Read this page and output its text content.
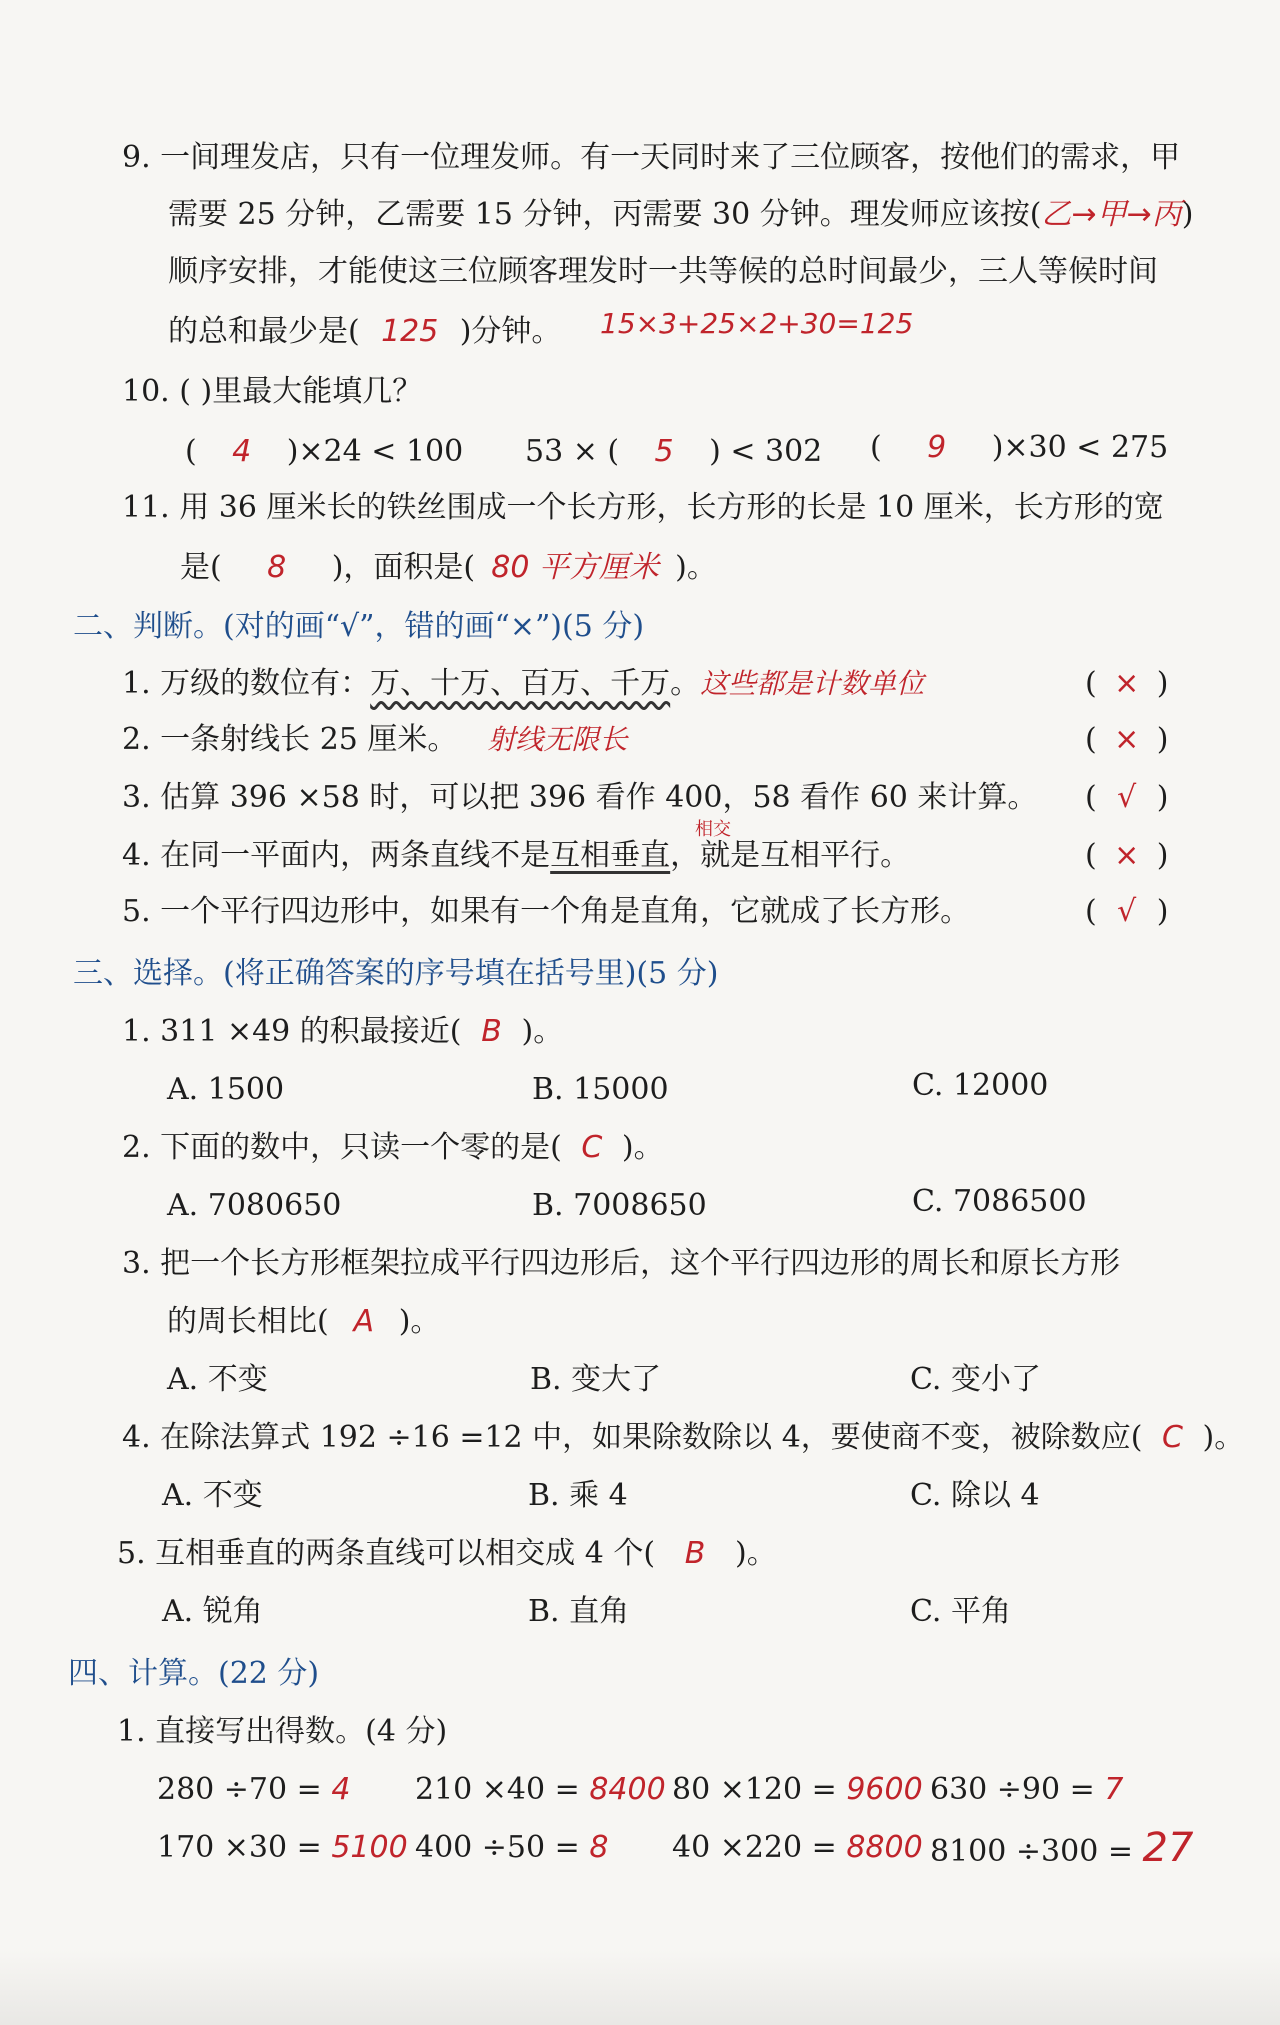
9. 一间理发店，只有一位理发师。有一天同时来了三位顾客，按他们的需求，甲
需要 25 分钟，乙需要 15 分钟，丙需要 30 分钟。理发师应该按(乙→甲→丙)
顺序安排，才能使这三位顾客理发时一共等候的总时间最少，三人等候时间
的总和最少是( 125 )分钟。 15×3+25×2+30=125
10. ( )里最大能填几？
( 4 )×24 < 100 53 × ( 5 ) < 302 ( 9 )×30 < 275
11. 用 36 厘米长的铁丝围成一个长方形，长方形的长是 10 厘米，长方形的宽
是( 8 )，面积是( 80 平方厘米 )。
二、判断。(对的画“√”，错的画“×”)(5 分)
1. 万级的数位有：万、十万、百万、千万。这些都是计数单位	( × )
2. 一条射线长 25 厘米。 射线无限长	( × )
3. 估算 396 ×58 时，可以把 396 看作 400，58 看作 60 来计算。 ( √ )
相交
4. 在同一平面内，两条直线不是互相垂直，就是互相平行。	( × )
5. 一个平行四边形中，如果有一个角是直角，它就成了长方形。	( √ )
三、选择。(将正确答案的序号填在括号里)(5 分)
1. 311 ×49 的积最接近( B )。
A. 1500	B. 15000	C. 12000
2. 下面的数中，只读一个零的是( C )。
A. 7080650	B. 7008650	C. 7086500
3. 把一个长方形框架拉成平行四边形后，这个平行四边形的周长和原长方形
的周长相比( A )。
A. 不变	B. 变大了	C. 变小了
4. 在除法算式 192 ÷16 =12 中，如果除数除以 4，要使商不变，被除数应( C )。
A. 不变	B. 乘 4	C. 除以 4
5. 互相垂直的两条直线可以相交成 4 个( B )。
A. 锐角	B. 直角	C. 平角
四、计算。(22 分)
1. 直接写出得数。(4 分)
280 ÷70 = 4 210 ×40 = 8400 80 ×120 = 9600 630 ÷90 = 7
170 ×30 = 5100 400 ÷50 = 8 40 ×220 = 8800 8100 ÷300 = 27
